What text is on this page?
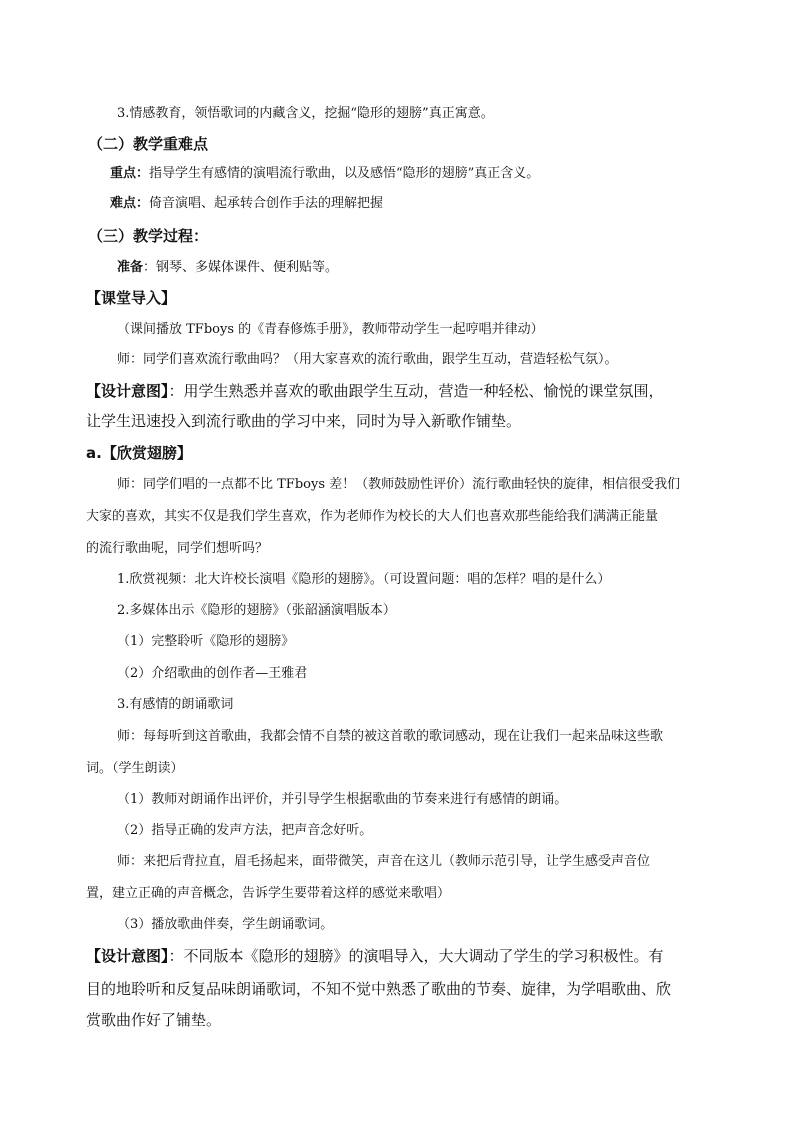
3.情感教育，领悟歌词的内藏含义，挖掘“隐形的翅膀”真正寓意。
（二）教学重难点
重点：指导学生有感情的演唱流行歌曲，以及感悟“隐形的翅膀”真正含义。
难点：倚音演唱、起承转合创作手法的理解把握
（三）教学过程：
准备：钢琴、多媒体课件、便利贴等。
【课堂导入】
（课间播放 TFboys 的《青春修炼手册》，教师带动学生一起哼唱并律动）
师：同学们喜欢流行歌曲吗？（用大家喜欢的流行歌曲，跟学生互动，营造轻松气氛）。
【设计意图】：用学生熟悉并喜欢的歌曲跟学生互动，营造一种轻松、愉悦的课堂氛围，
让学生迅速投入到流行歌曲的学习中来，同时为导入新歌作铺垫。
a.【欣赏翅膀】
师：同学们唱的一点都不比 TFboys 差！（教师鼓励性评价）流行歌曲轻快的旋律，相信很受我们
大家的喜欢，其实不仅是我们学生喜欢，作为老师作为校长的大人们也喜欢那些能给我们满满正能量
的流行歌曲呢，同学们想听吗？
1.欣赏视频：北大许校长演唱《隐形的翅膀》。（可设置问题：唱的怎样？唱的是什么）
2.多媒体出示《隐形的翅膀》（张韶涵演唱版本）
（1）完整聆听《隐形的翅膀》
（2）介绍歌曲的创作者—王雅君
3.有感情的朗诵歌词
师：每每听到这首歌曲，我都会情不自禁的被这首歌的歌词感动，现在让我们一起来品味这些歌
词。（学生朗读）
（1）教师对朗诵作出评价，并引导学生根据歌曲的节奏来进行有感情的朗诵。
（2）指导正确的发声方法，把声音念好听。
师：来把后背拉直，眉毛扬起来，面带微笑，声音在这儿（教师示范引导，让学生感受声音位
置，建立正确的声音概念，告诉学生要带着这样的感觉来歌唱）
（3）播放歌曲伴奏，学生朗诵歌词。
【设计意图】：不同版本《隐形的翅膀》的演唱导入，大大调动了学生的学习积极性。有
目的地聆听和反复品味朗诵歌词，不知不觉中熟悉了歌曲的节奏、旋律，为学唱歌曲、欣
赏歌曲作好了铺垫。
